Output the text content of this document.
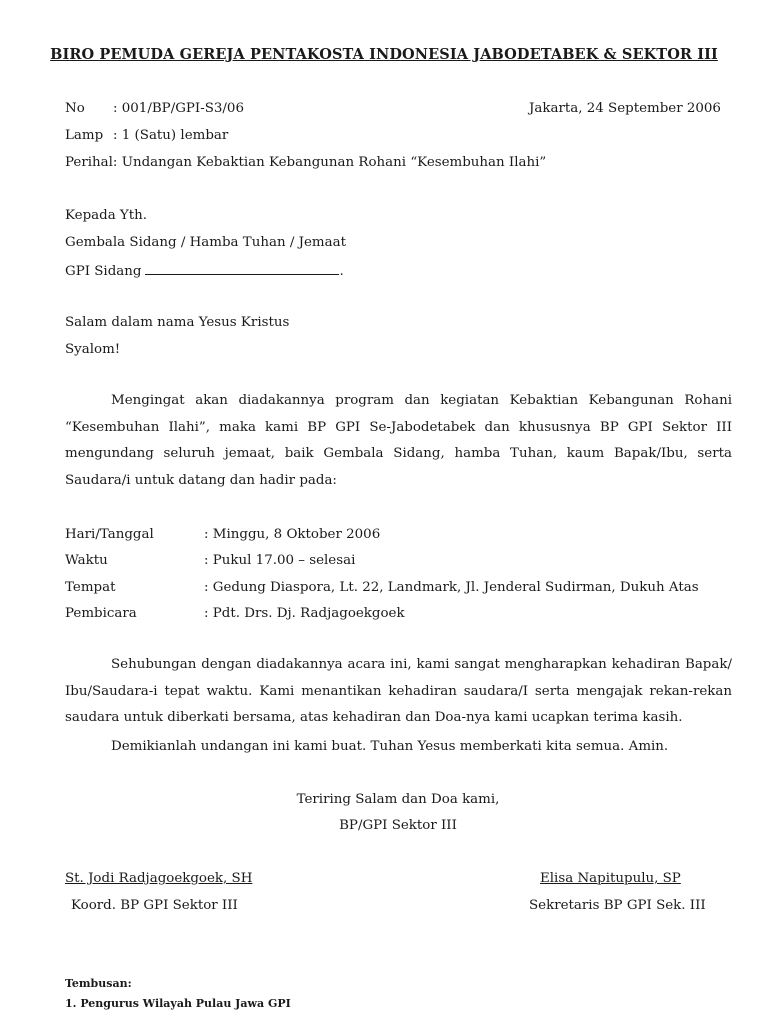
BIRO PEMUDA GEREJA PENTAKOSTA INDONESIA JABODETABEK & SEKTOR III
No : 001/BP/GPI-S3/06	Jakarta, 24 September 2006
Lamp : 1 (Satu) lembar
Perihal: Undangan Kebaktian Kebangunan Rohani “Kesembuhan Ilahi”
Kepada Yth.
Gembala Sidang / Hamba Tuhan / Jemaat
GPI Sidang	.
Salam dalam nama Yesus Kristus
Syalom!
Mengingat akan diadakannya program dan kegiatan Kebaktian Kebangunan Rohani “Kesembuhan Ilahi”, maka kami BP GPI Se-Jabodetabek dan khususnya BP GPI Sektor III mengundang seluruh jemaat, baik Gembala Sidang, hamba Tuhan, kaum Bapak/Ibu, serta Saudara/i untuk datang dan hadir pada:
Hari/Tanggal	: Minggu, 8 Oktober 2006
Waktu	: Pukul 17.00 – selesai
Tempat	: Gedung Diaspora, Lt. 22, Landmark, Jl. Jenderal Sudirman, Dukuh Atas
Pembicara	: Pdt. Drs. Dj. Radjagoekgoek
Sehubungan dengan diadakannya acara ini, kami sangat mengharapkan kehadiran Bapak/ Ibu/Saudara-i tepat waktu. Kami menantikan kehadiran saudara/I serta mengajak rekan-rekan saudara untuk diberkati bersama, atas kehadiran dan Doa-nya kami ucapkan terima kasih.
Demikianlah undangan ini kami buat. Tuhan Yesus memberkati kita semua. Amin.
Teriring Salam dan Doa kami,
BP/GPI Sektor III
St. Jodi Radjagoekgoek, SH
Koord. BP GPI Sektor III
Elisa Napitupulu, SP
Sekretaris BP GPI Sek. III
Tembusan:
1. Pengurus Wilayah Pulau Jawa GPI
